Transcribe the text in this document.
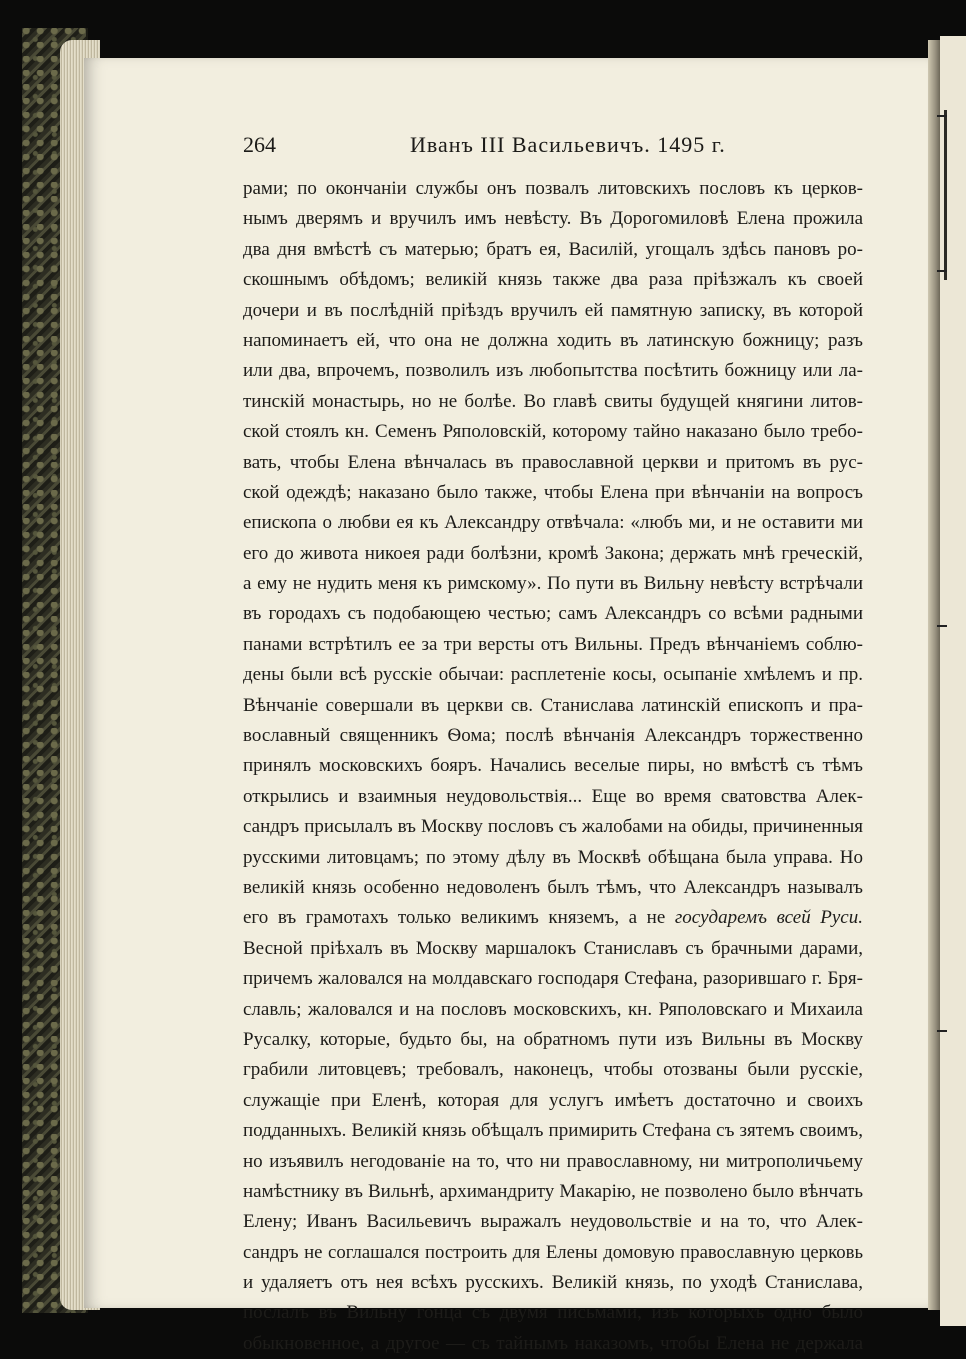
264	Иванъ III Васильевичъ. 1495 г.
рами; по окончаніи службы онъ позвалъ литовскихъ пословъ къ церков-
нымъ дверямъ и вручилъ имъ невѣсту. Въ Дорогомиловѣ Елена прожила
два дня вмѣстѣ съ матерью; братъ ея, Василій, угощалъ здѣсь пановъ ро-
скошнымъ обѣдомъ; великій князь также два раза пріѣзжалъ къ своей
дочери и въ послѣдній пріѣздъ вручилъ ей памятную записку, въ которой
напоминаетъ ей, что она не должна ходить въ латинскую божницу; разъ
или два, впрочемъ, позволилъ изъ любопытства посѣтить божницу или ла-
тинскій монастырь, но не болѣе. Во главѣ свиты будущей княгини литов-
ской стоялъ кн. Семенъ Ряполовскій, которому тайно наказано было требо-
вать, чтобы Елена вѣнчалась въ православной церкви и притомъ въ рус-
ской одеждѣ; наказано было также, чтобы Елена при вѣнчаніи на вопросъ
епископа о любви ея къ Александру отвѣчала: «любъ ми, и не оставити ми
его до живота никоея ради болѣзни, кромѣ Закона; держать мнѣ греческій,
а ему не нудить меня къ римскому». По пути въ Вильну невѣсту встрѣчали
въ городахъ съ подобающею честью; самъ Александръ со всѣми радными
панами встрѣтилъ ее за три версты отъ Вильны. Предъ вѣнчаніемъ соблю-
дены были всѣ русскіе обычаи: расплетеніе косы, осыпаніе хмѣлемъ и пр.
Вѣнчаніе совершали въ церкви св. Станислава латинскій епископъ и пра-
вославный священникъ Ѳома; послѣ вѣнчанія Александръ торжественно
принялъ московскихъ бояръ. Начались веселые пиры, но вмѣстѣ съ тѣмъ
открылись и взаимныя неудовольствія... Еще во время сватовства Алек-
сандръ присылалъ въ Москву пословъ съ жалобами на обиды, причиненныя
русскими литовцамъ; по этому дѣлу въ Москвѣ обѣщана была управа. Но
великій князь особенно недоволенъ былъ тѣмъ, что Александръ называлъ
его въ грамотахъ только великимъ княземъ, а не государемъ всей Руси.
Весной пріѣхалъ въ Москву маршалокъ Станиславъ съ брачными дарами,
причемъ жаловался на молдавскаго господаря Стефана, разорившаго г. Бря-
славль; жаловался и на пословъ московскихъ, кн. Ряполовскаго и Михаила
Русалку, которые, будьто бы, на обратномъ пути изъ Вильны въ Москву
грабили литовцевъ; требовалъ, наконецъ, чтобы отозваны были русскіе,
служащіе при Еленѣ, которая для услугъ имѣетъ достаточно и своихъ
подданныхъ. Великій князь обѣщалъ примирить Стефана съ зятемъ своимъ,
но изъявилъ негодованіе на то, что ни православному, ни митрополичьему
намѣстнику въ Вильнѣ, архимандриту Макарію, не позволено было вѣнчать
Елену; Иванъ Васильевичъ выражалъ неудовольствіе и на то, что Алек-
сандръ не соглашался построить для Елены домовую православную церковь
и удаляетъ отъ нея всѣхъ русскихъ. Великій князь, по уходѣ Станислава,
послалъ въ Вильну гонца съ двумя письмами, изъ которыхъ одно было
обыкновенное, а другое — съ тайнымъ наказомъ, чтобы Елена не держала
